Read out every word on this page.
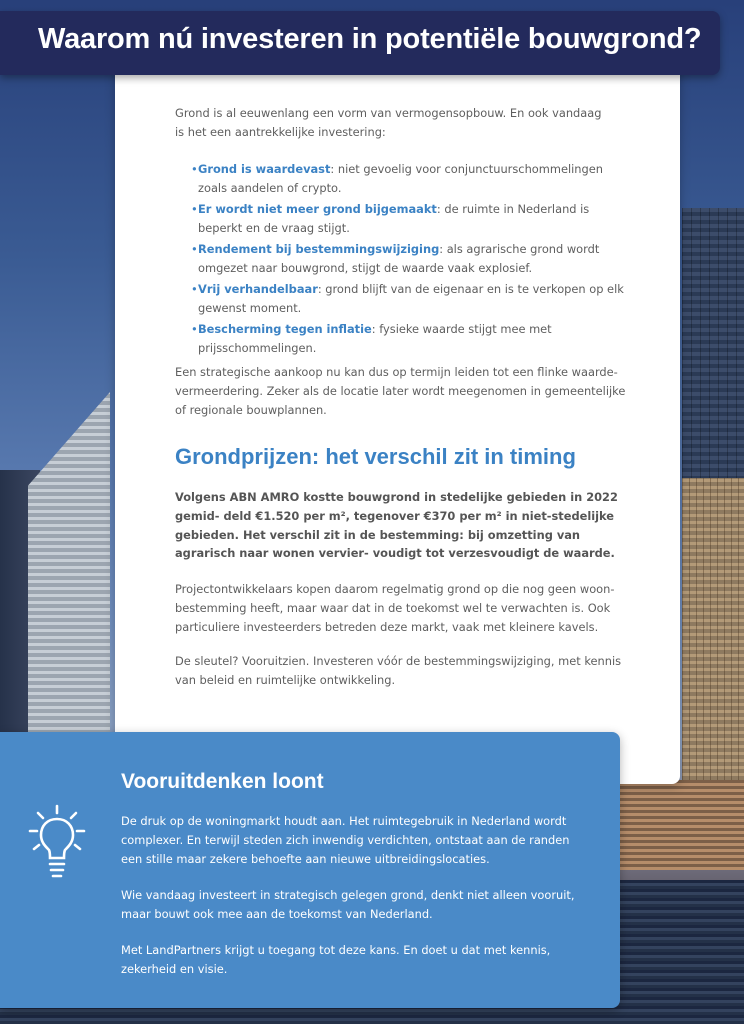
Waarom nú investeren in potentiële bouwgrond?

Grond is al eeuwenlang een vorm van vermogensopbouw. En ook vandaag is het een aantrekkelijke investering:

• Grond is waardevast: niet gevoelig voor conjunctuurschommelingen zoals aandelen of crypto.
• Er wordt niet meer grond bijgemaakt: de ruimte in Nederland is beperkt en de vraag stijgt.
• Rendement bij bestemmingswijziging: als agrarische grond wordt omgezet naar bouwgrond, stijgt de waarde vaak explosief.
• Vrij verhandelbaar: grond blijft van de eigenaar en is te verkopen op elk gewenst moment.
• Bescherming tegen inflatie: fysieke waarde stijgt mee met prijsschommelingen.

Een strategische aankoop nu kan dus op termijn leiden tot een flinke waarde- vermeerdering. Zeker als de locatie later wordt meegenomen in gemeentelijke of regionale bouwplannen.

Grondprijzen: het verschil zit in timing

Volgens ABN AMRO kostte bouwgrond in stedelijke gebieden in 2022 gemid- deld €1.520 per m², tegenover €370 per m² in niet-stedelijke gebieden. Het verschil zit in de bestemming: bij omzetting van agrarisch naar wonen vervier- voudigt tot verzesvoudigt de waarde.

Projectontwikkelaars kopen daarom regelmatig grond op die nog geen woon- bestemming heeft, maar waar dat in de toekomst wel te verwachten is. Ook particuliere investeerders betreden deze markt, vaak met kleinere kavels.

De sleutel? Vooruitzien. Investeren vóór de bestemmingswijziging, met kennis van beleid en ruimtelijke ontwikkeling.

Vooruitdenken loont

De druk op de woningmarkt houdt aan. Het ruimtegebruik in Nederland wordt complexer. En terwijl steden zich inwendig verdichten, ontstaat aan de randen een stille maar zekere behoefte aan nieuwe uitbreidingslocaties.

Wie vandaag investeert in strategisch gelegen grond, denkt niet alleen vooruit, maar bouwt ook mee aan de toekomst van Nederland.

Met LandPartners krijgt u toegang tot deze kans. En doet u dat met kennis, zekerheid en visie.
